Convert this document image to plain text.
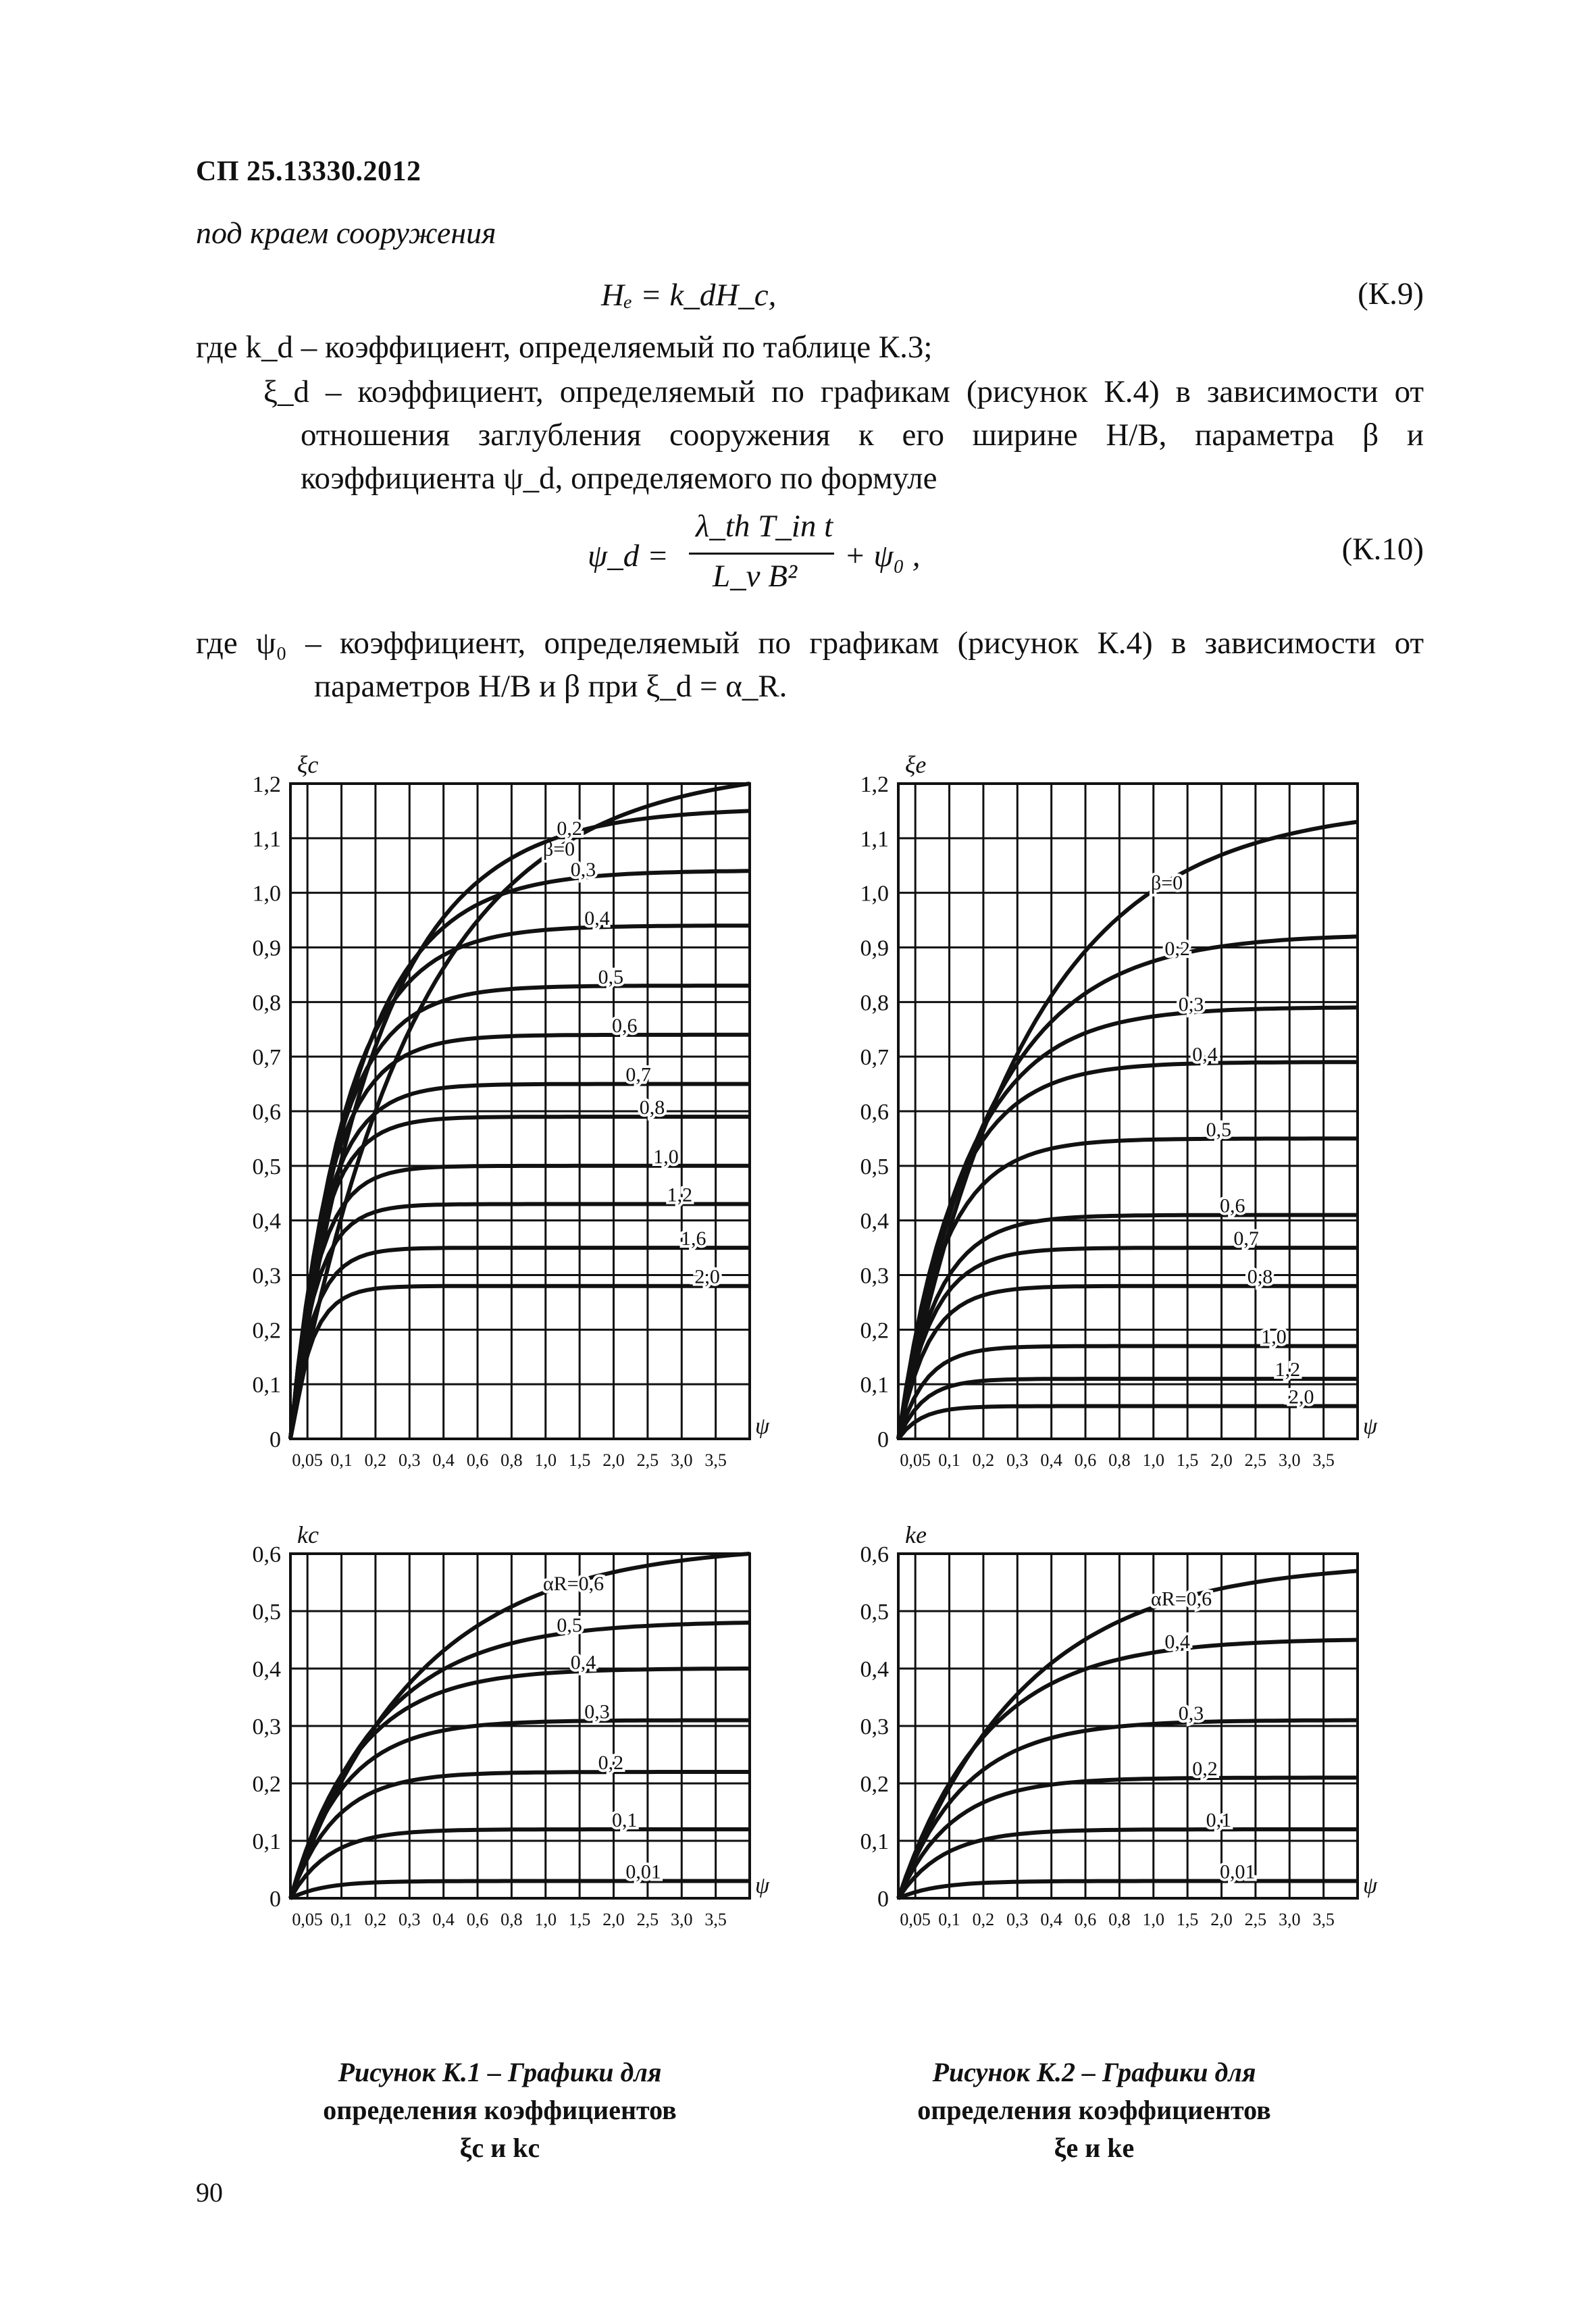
СП 25.13330.2012
под краем сооружения
Hₑ = k_dH_c,	(К.9)
где k_d – коэффициент, определяемый по таблице К.3;
ξ_d – коэффициент, определяемый по графикам (рисунок К.4) в зависимости от
отношения заглубления сооружения к его ширине H/B, параметра β и
коэффициента ψ_d, определяемого по формуле
ψ_d =
λ_th T_in t
L_v B²
+ ψ₀ ,	(К.10)
где ψ₀ – коэффициент, определяемый по графикам (рисунок К.4) в зависимости от
параметров H/B и β при ξ_d = α_R.
0,05 0,1 0,2 0,3 0,4 0,6 0,8 1,0 1,5 2,0 2,5 3,0 3,5
0
0,1
0,2
0,3
0,4
0,5
0,6
0,7
0,8
0,9
1,0
1,1
1,2
ξc
ψ
β=0
0,2
0,3
0,4
0,5
0,6
0,7
0,8
1,0
1,2
1,6
2,0
0,05 0,1 0,2 0,3 0,4 0,6 0,8 1,0 1,5 2,0 2,5 3,0 3,5
0
0,1
0,2
0,3
0,4
0,5
0,6
0,7
0,8
0,9
1,0
1,1
1,2
ξe
ψ
β=0
0,2
0,3
0,4
0,5
0,6
0,7
0,8
1,0
1,2
2,0
0,05 0,1 0,2 0,3 0,4 0,6 0,8 1,0 1,5 2,0 2,5 3,0 3,5
0
0,1
0,2
0,3
0,4
0,5
0,6
kc
ψ
αR=0,6
0,5
0,4
0,3
0,2
0,1
0,01
0,05 0,1 0,2 0,3 0,4 0,6 0,8 1,0 1,5 2,0 2,5 3,0 3,5
0
0,1
0,2
0,3
0,4
0,5
0,6
ke
ψ
αR=0,6
0,4
0,3
0,2
0,1
0,01
Рисунок К.1 – Графики для
определения коэффициентов
ξc и kc
Рисунок К.2 – Графики для
определения коэффициентов
ξe и ke
90
